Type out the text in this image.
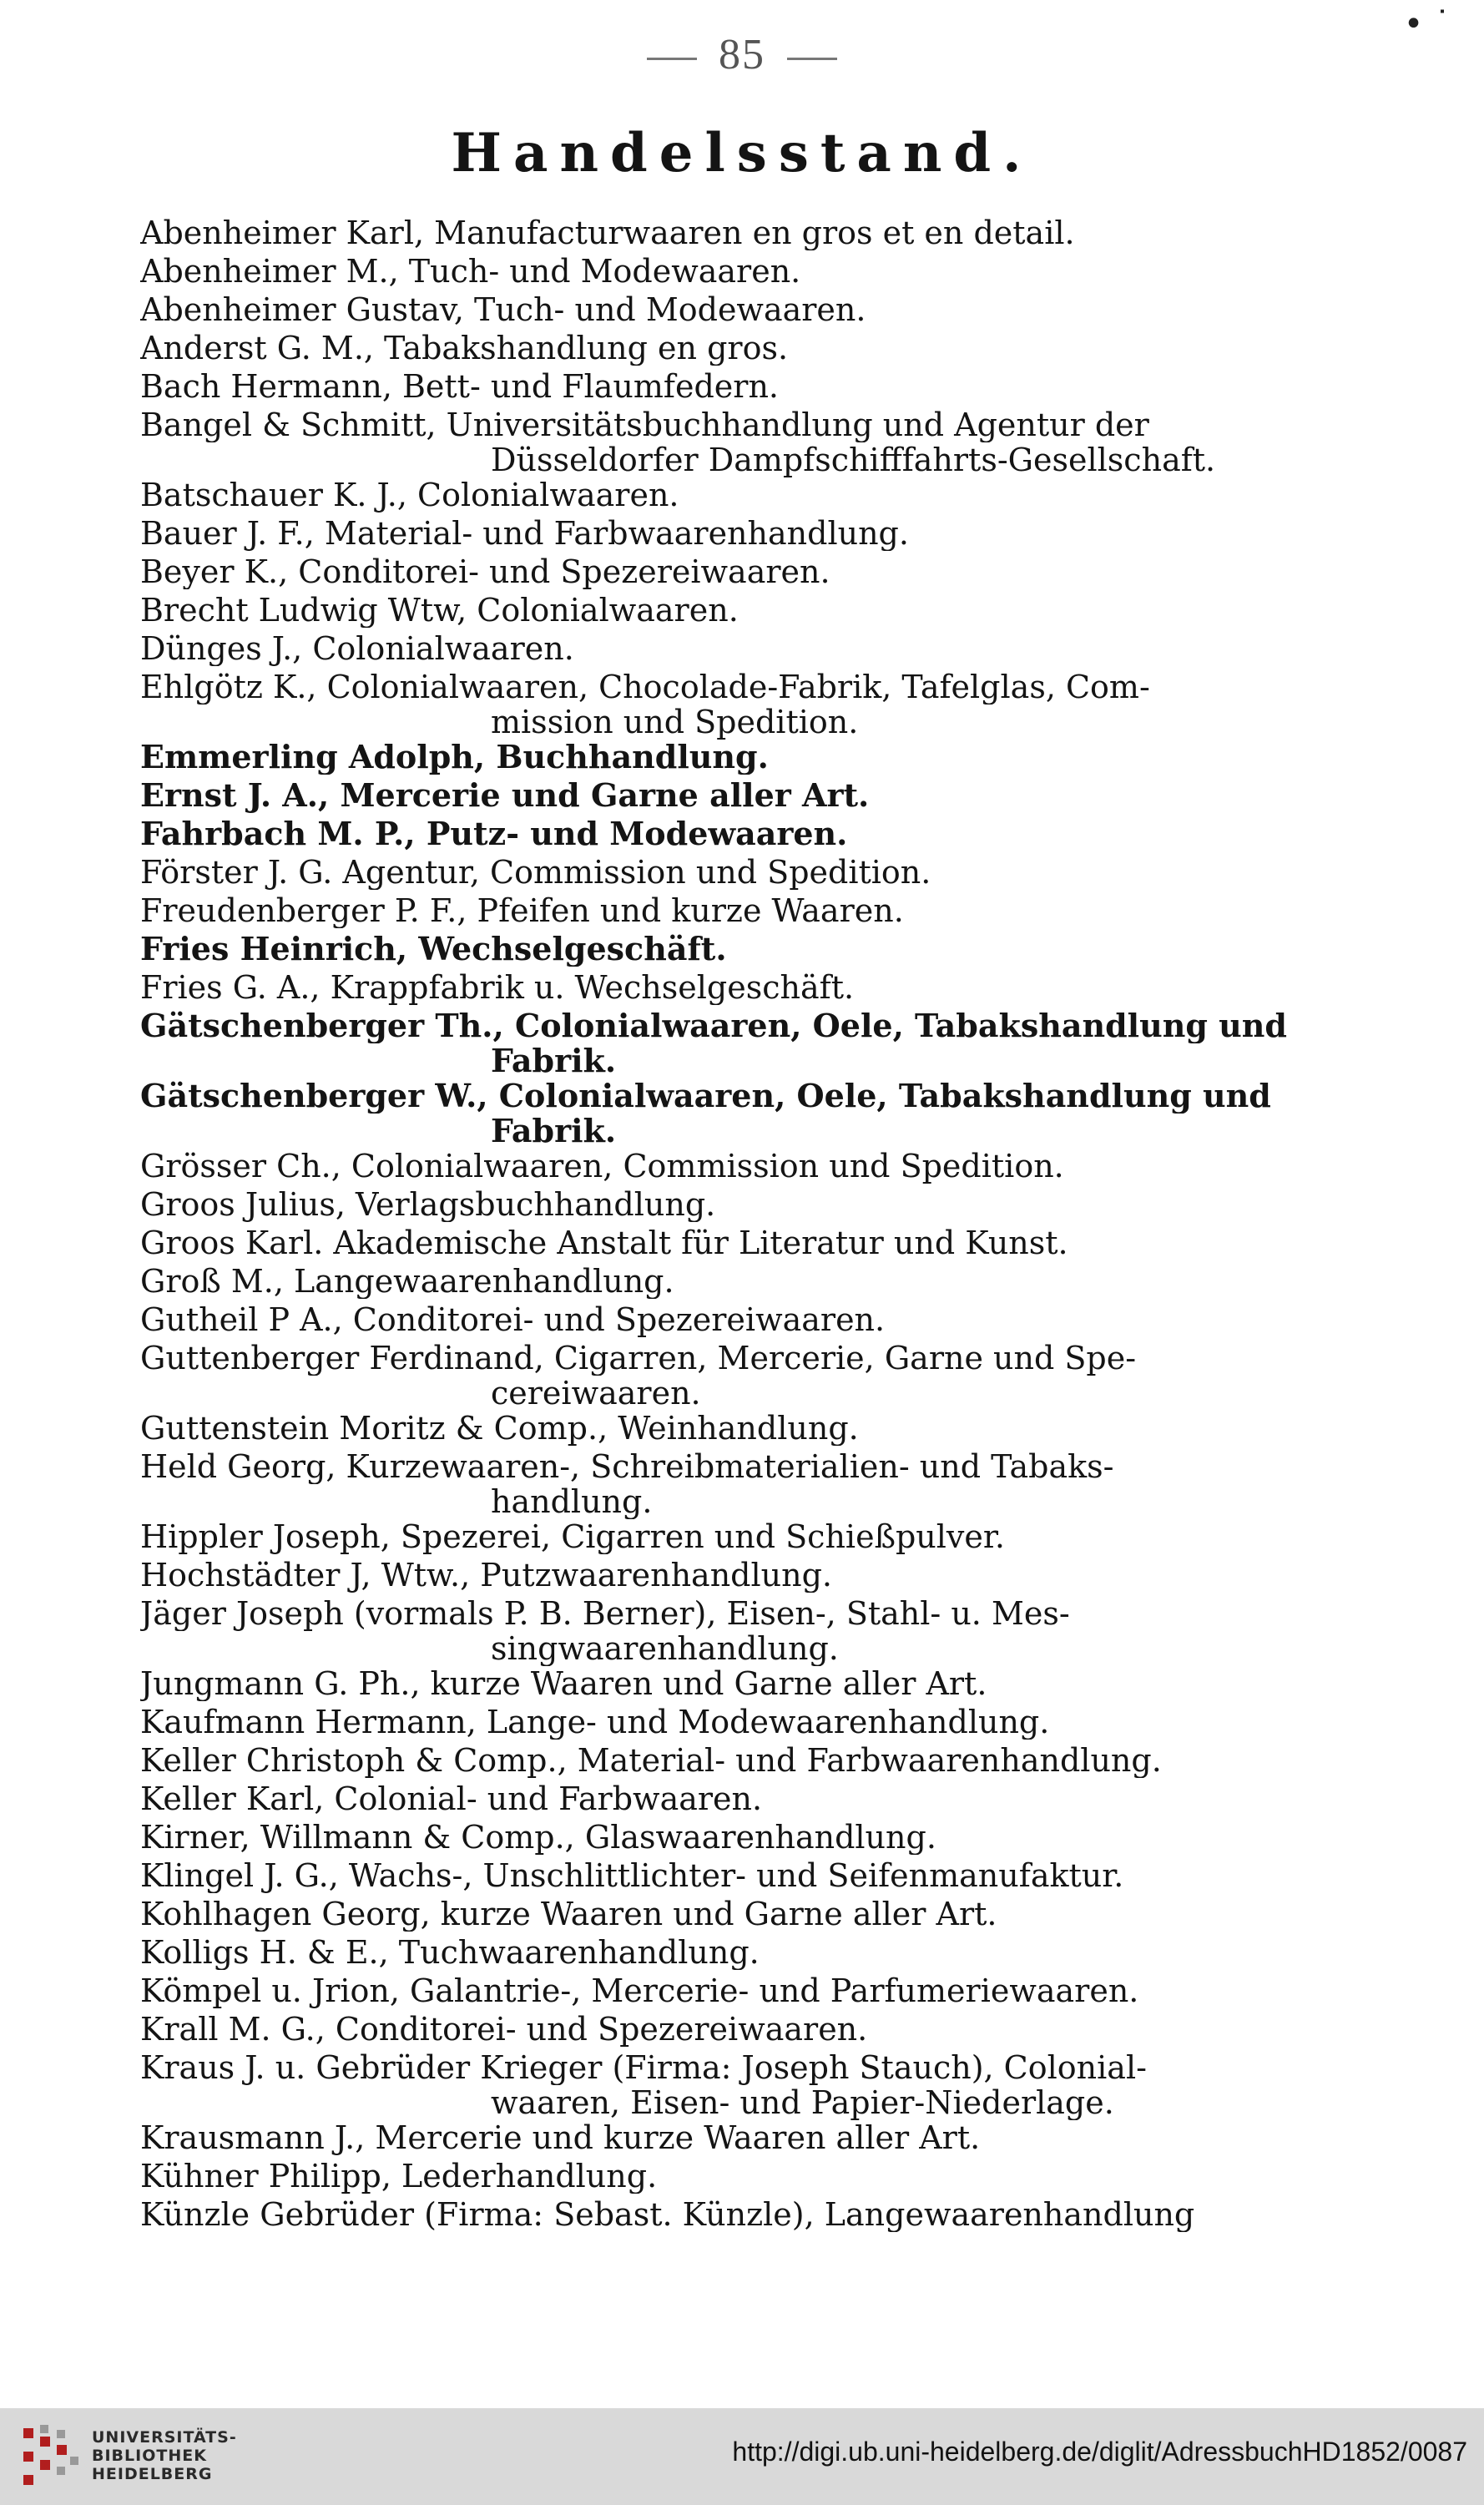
• ˙
85
Handelsstand.

Abenheimer Karl, Manufacturwaaren en gros et en detail.

Abenheimer M., Tuch- und Modewaaren.

Abenheimer Gustav, Tuch- und Modewaaren.

Anderst G. M., Tabakshandlung en gros.

Bach Hermann, Bett- und Flaumfedern.

Bangel & Schmitt, Universitätsbuchhandlung und Agentur der
Düsseldorfer Dampfschifffahrts-Gesellschaft.

Batschauer K. J., Colonialwaaren.

Bauer J. F., Material- und Farbwaarenhandlung.

Beyer K., Conditorei- und Spezereiwaaren.

Brecht Ludwig Wtw, Colonialwaaren.

Dünges J., Colonialwaaren.

Ehlgötz K., Colonialwaaren, Chocolade-Fabrik, Tafelglas, Com-
mission und Spedition.

Emmerling Adolph, Buchhandlung.

Ernst J. A., Mercerie und Garne aller Art.

Fahrbach M. P., Putz- und Modewaaren.

Förster J. G. Agentur, Commission und Spedition.

Freudenberger P. F., Pfeifen und kurze Waaren.

Fries Heinrich, Wechselgeschäft.

Fries G. A., Krappfabrik u. Wechselgeschäft.

Gätschenberger Th., Colonialwaaren, Oele, Tabakshandlung und
Fabrik.

Gätschenberger W., Colonialwaaren, Oele, Tabakshandlung und
Fabrik.

Grösser Ch., Colonialwaaren, Commission und Spedition.

Groos Julius, Verlagsbuchhandlung.

Groos Karl. Akademische Anstalt für Literatur und Kunst.

Groß M., Langewaarenhandlung.

Gutheil P A., Conditorei- und Spezereiwaaren.

Guttenberger Ferdinand, Cigarren, Mercerie, Garne und Spe-
cereiwaaren.

Guttenstein Moritz & Comp., Weinhandlung.

Held Georg, Kurzewaaren-, Schreibmaterialien- und Tabaks-
handlung.

Hippler Joseph, Spezerei, Cigarren und Schießpulver.

Hochstädter J, Wtw., Putzwaarenhandlung.

Jäger Joseph (vormals P. B. Berner), Eisen-, Stahl- u. Mes-
singwaarenhandlung.

Jungmann G. Ph., kurze Waaren und Garne aller Art.

Kaufmann Hermann, Lange- und Modewaarenhandlung.

Keller Christoph & Comp., Material- und Farbwaarenhandlung.

Keller Karl, Colonial- und Farbwaaren.

Kirner, Willmann & Comp., Glaswaarenhandlung.

Klingel J. G., Wachs-, Unschlittlichter- und Seifenmanufaktur.

Kohlhagen Georg, kurze Waaren und Garne aller Art.

Kolligs H. & E., Tuchwaarenhandlung.

Kömpel u. Jrion, Galantrie-, Mercerie- und Parfumeriewaaren.

Krall M. G., Conditorei- und Spezereiwaaren.

Kraus J. u. Gebrüder Krieger (Firma: Joseph Stauch), Colonial-
waaren, Eisen- und Papier-Niederlage.

Krausmann J., Mercerie und kurze Waaren aller Art.

Kühner Philipp, Lederhandlung.

Künzle Gebrüder (Firma: Sebast. Künzle), Langewaarenhandlung

UNIVERSITÄTS-
BIBLIOTHEK
HEIDELBERG
http://digi.ub.uni-heidelberg.de/diglit/AdressbuchHD1852/0087
